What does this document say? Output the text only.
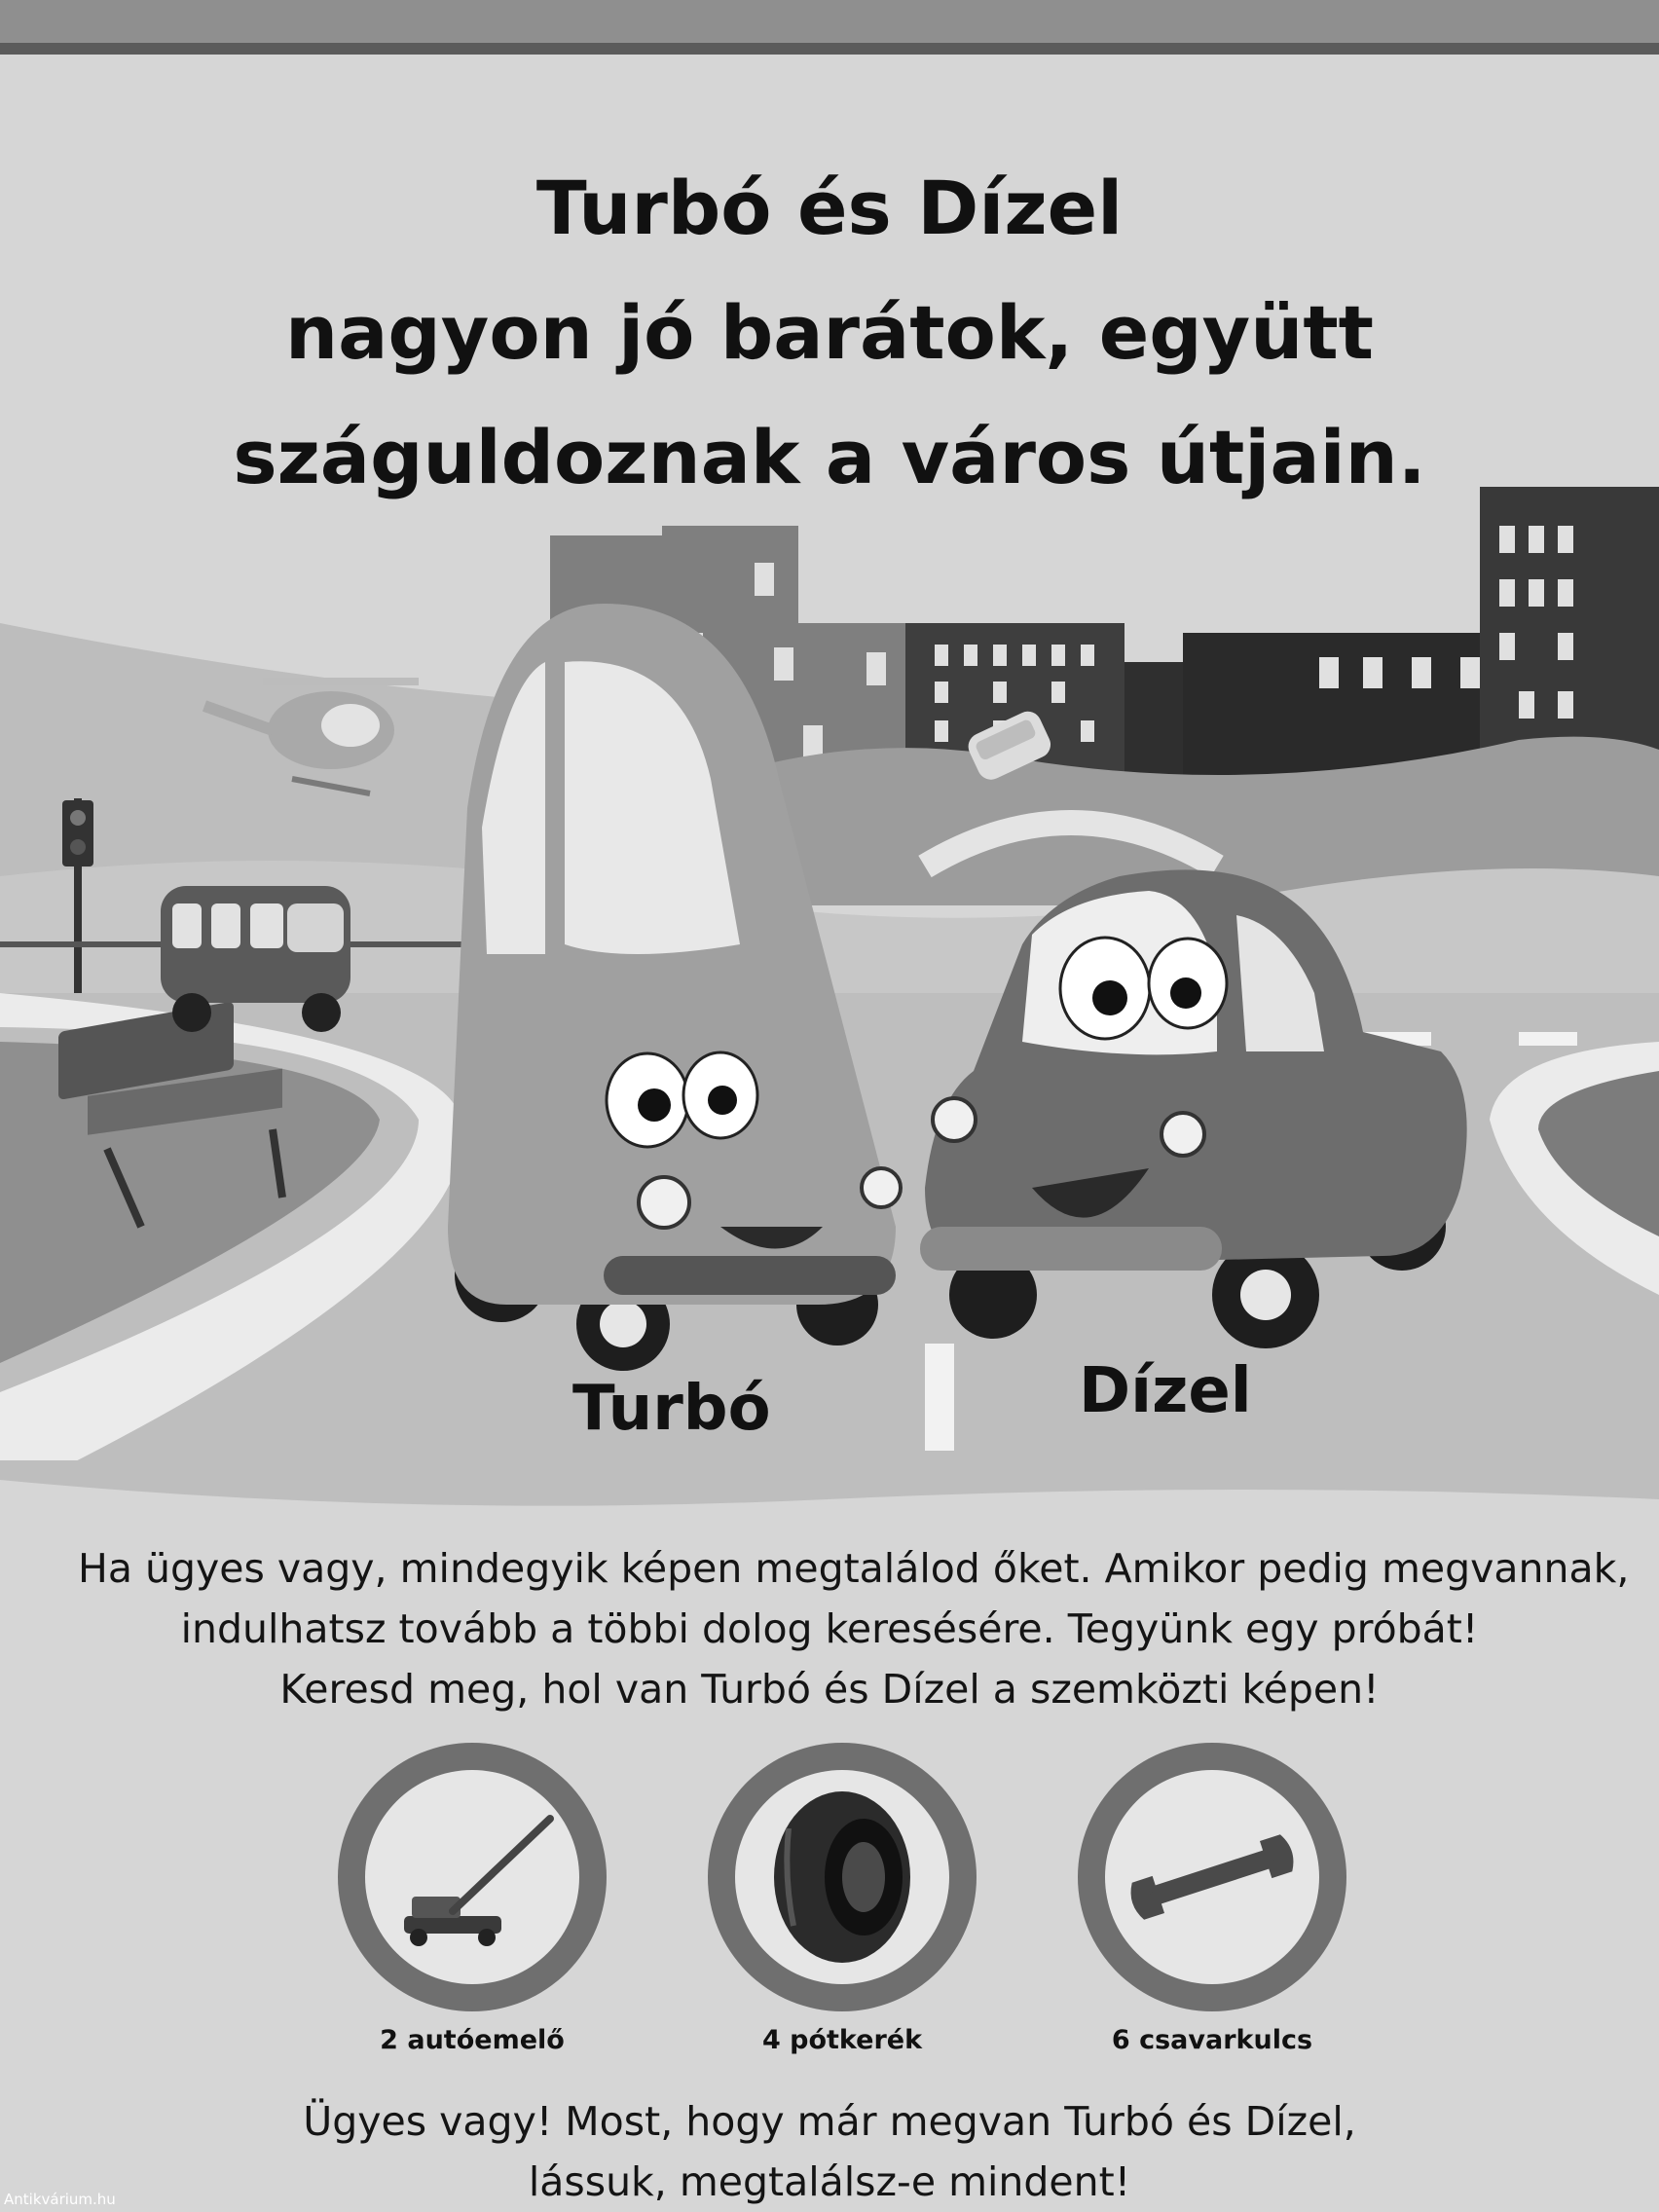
Turbó és Dízel
nagyon jó barátok, együtt
száguldoznak a város útjain.
Turbó	Dízel
Ha ügyes vagy, mindegyik képen megtalálod őket. Amikor pedig megvannak,
indulhatsz tovább a többi dolog keresésére. Tegyünk egy próbát!
Keresd meg, hol van Turbó és Dízel a szemközti képen!
2 autóemelő	4 pótkerék	6 csavarkulcs
Ügyes vagy! Most, hogy már megvan Turbó és Dízel,
lássuk, megtalálsz-e mindent!
Antikvárium.hu
